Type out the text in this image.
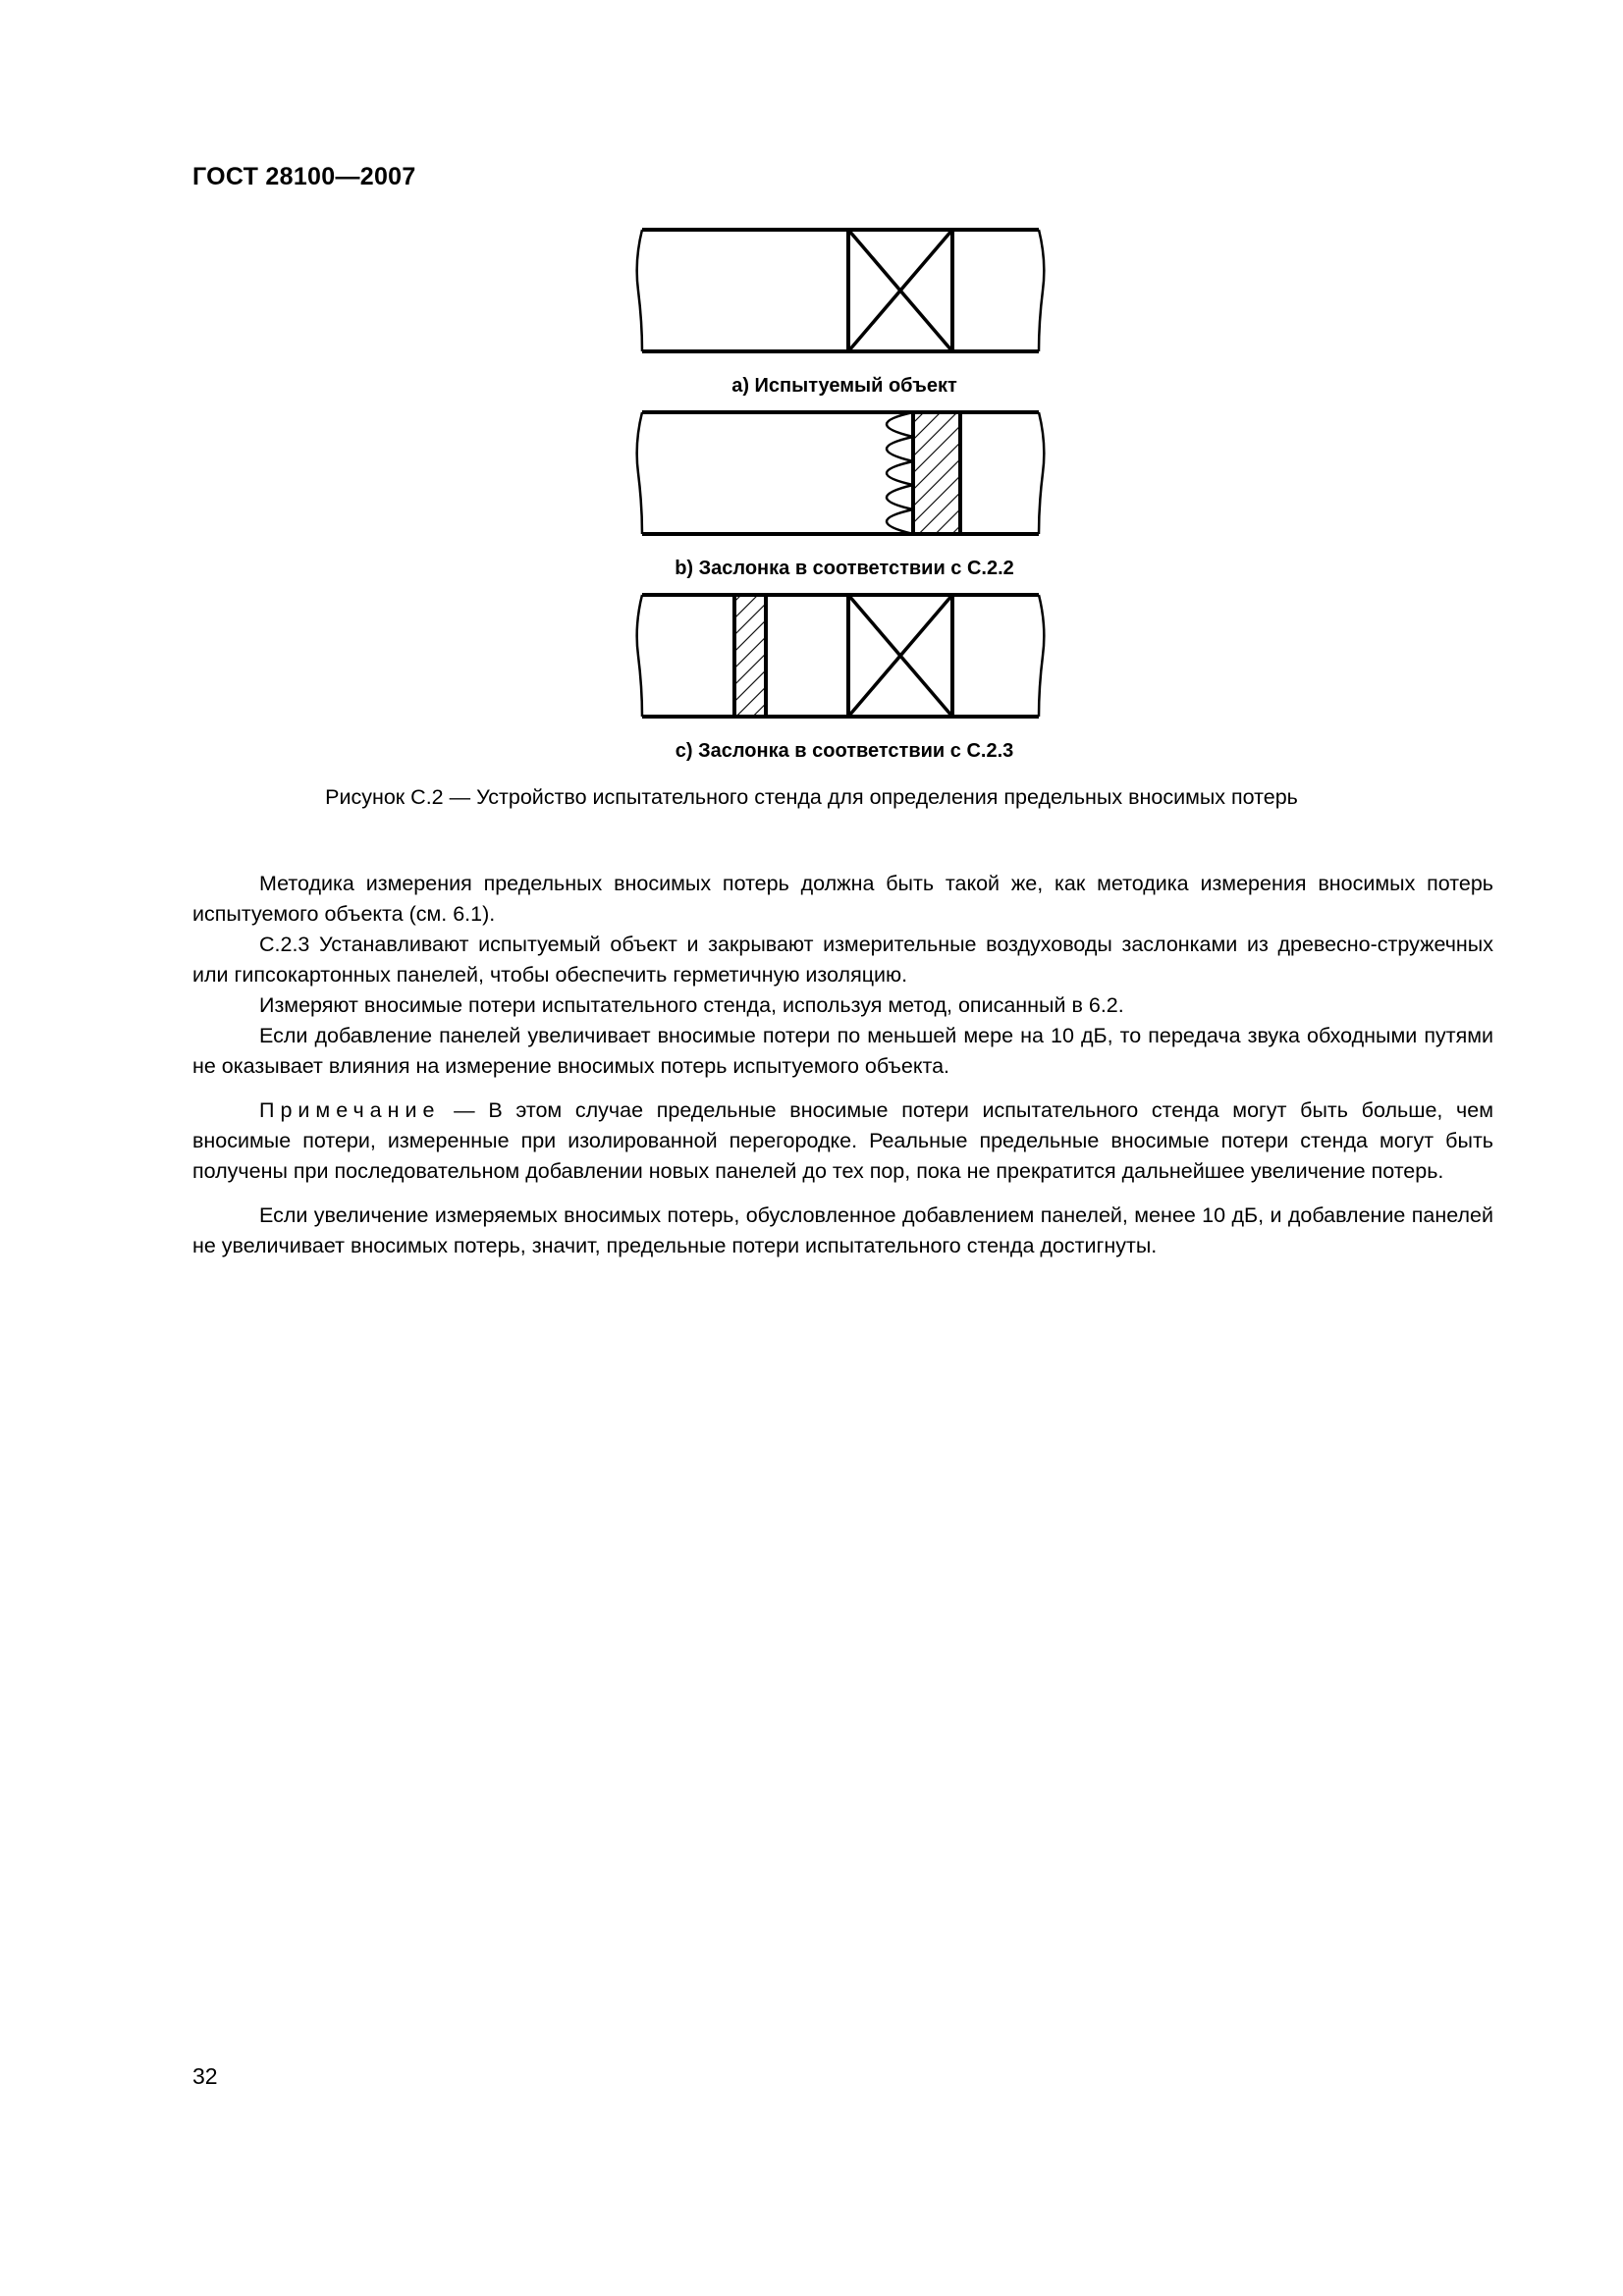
ГОСТ 28100—2007
a) Испытуемый объект
b) Заслонка в соответствии с С.2.2
c) Заслонка в соответствии с С.2.3
Рисунок С.2 — Устройство испытательного стенда для определения предельных вносимых потерь

Методика измерения предельных вносимых потерь должна быть такой же, как методика измерения вносимых потерь испытуемого объекта (см. 6.1).

С.2.3 Устанавливают испытуемый объект и закрывают измерительные воздуховоды заслонками из древесно-стружечных или гипсокартонных панелей, чтобы обеспечить герметичную изоляцию.

Измеряют вносимые потери испытательного стенда, используя метод, описанный в 6.2.

Если добавление панелей увеличивает вносимые потери по меньшей мере на 10 дБ, то передача звука обходными путями не оказывает влияния на измерение вносимых потерь испытуемого объекта.

Примечание — В этом случае предельные вносимые потери испытательного стенда могут быть больше, чем вносимые потери, измеренные при изолированной перегородке. Реальные предельные вносимые потери стенда могут быть получены при последовательном добавлении новых панелей до тех пор, пока не прекратится дальнейшее увеличение потерь.

Если увеличение измеряемых вносимых потерь, обусловленное добавлением панелей, менее 10 дБ, и добавление панелей не увеличивает вносимых потерь, значит, предельные потери испытательного стенда достигнуты.

32
